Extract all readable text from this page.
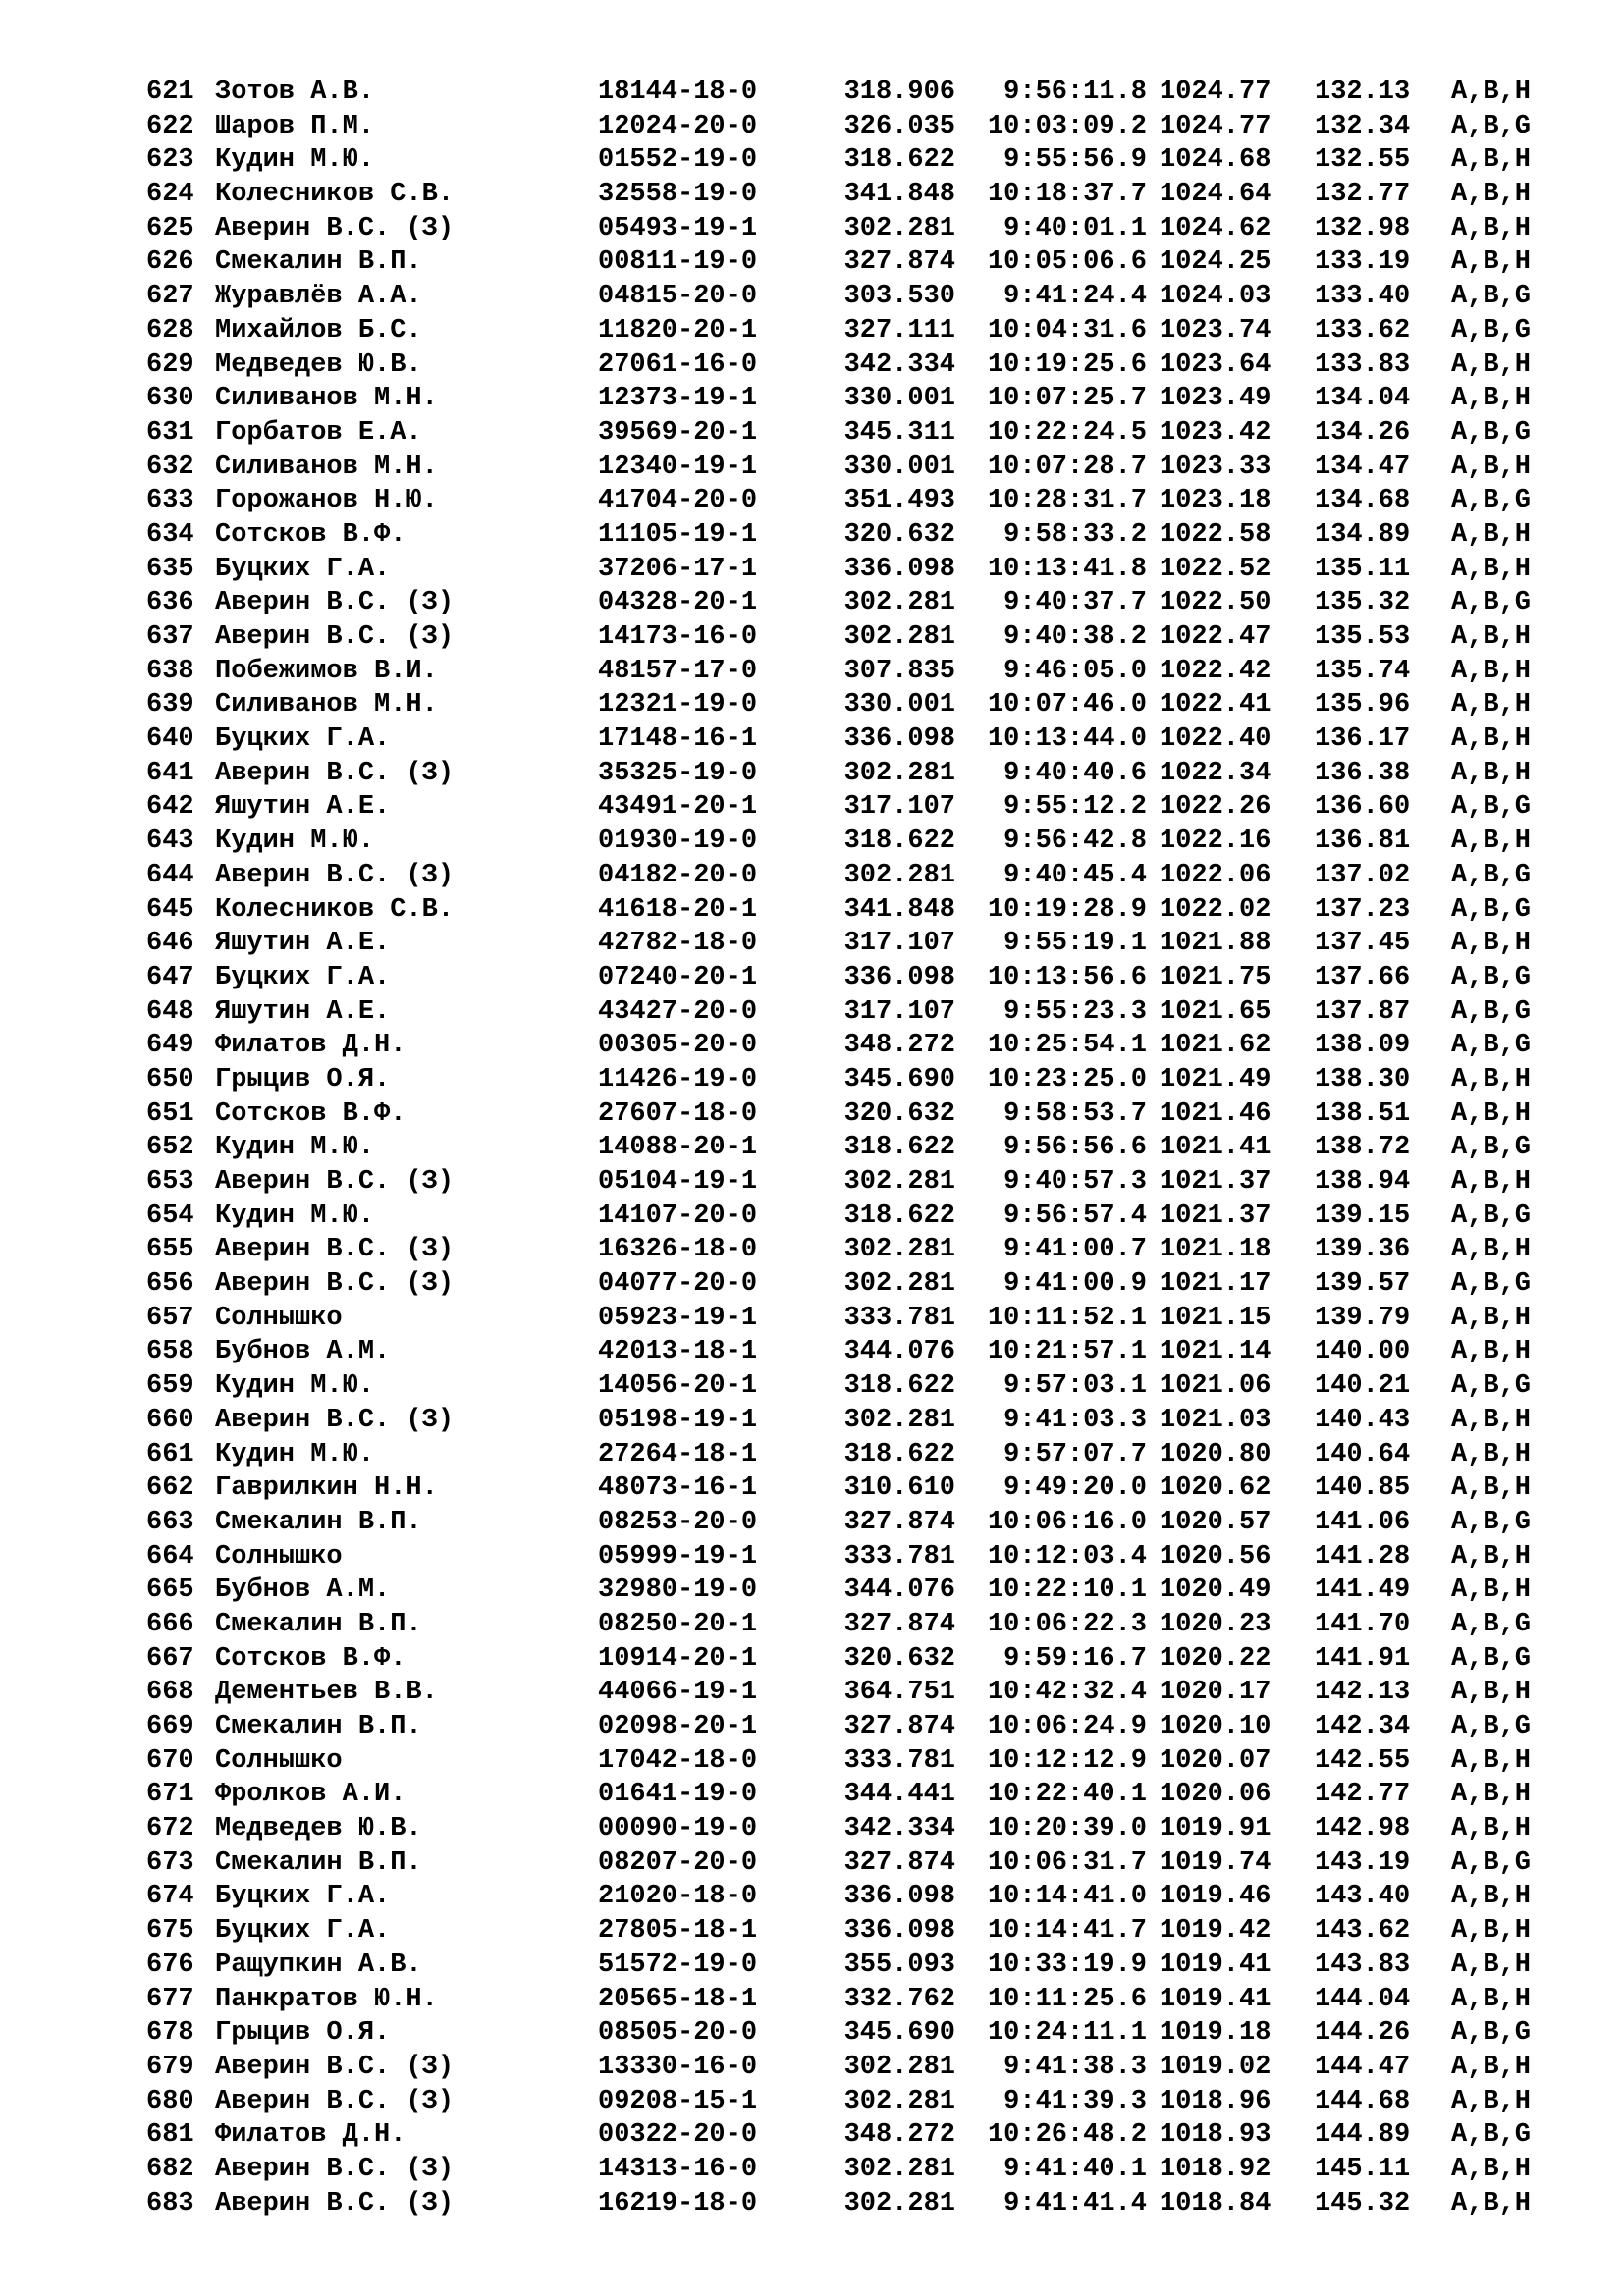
621 Зотов А.В.	18144-18-0	318.906	9:56:11.8 1024.77 132.13 A,B,H
622 Шаров П.М.	12024-20-0	326.035	10:03:09.2 1024.77 132.34 A,B,G
623 Кудин М.Ю.	01552-19-0	318.622	9:55:56.9 1024.68 132.55 A,B,H
624 Колесников С.В.	32558-19-0	341.848	10:18:37.7 1024.64 132.77 A,B,H
625 Аверин В.С. (З)	05493-19-1	302.281	9:40:01.1 1024.62 132.98 A,B,H
626 Смекалин В.П.	00811-19-0	327.874	10:05:06.6 1024.25 133.19 A,B,H
627 Журавлёв А.А.	04815-20-0	303.530	9:41:24.4 1024.03 133.40 A,B,G
628 Михайлов Б.С.	11820-20-1	327.111	10:04:31.6 1023.74 133.62 A,B,G
629 Медведев Ю.В.	27061-16-0	342.334	10:19:25.6 1023.64 133.83 A,B,H
630 Силиванов М.Н.	12373-19-1	330.001	10:07:25.7 1023.49 134.04 A,B,H
631 Горбатов Е.А.	39569-20-1	345.311	10:22:24.5 1023.42 134.26 A,B,G
632 Силиванов М.Н.	12340-19-1	330.001	10:07:28.7 1023.33 134.47 A,B,H
633 Горожанов Н.Ю.	41704-20-0	351.493	10:28:31.7 1023.18 134.68 A,B,G
634 Сотсков В.Ф.	11105-19-1	320.632	9:58:33.2 1022.58 134.89 A,B,H
635 Буцких Г.А.	37206-17-1	336.098	10:13:41.8 1022.52 135.11 A,B,H
636 Аверин В.С. (З)	04328-20-1	302.281	9:40:37.7 1022.50 135.32 A,B,G
637 Аверин В.С. (З)	14173-16-0	302.281	9:40:38.2 1022.47 135.53 A,B,H
638 Побежимов В.И.	48157-17-0	307.835	9:46:05.0 1022.42 135.74 A,B,H
639 Силиванов М.Н.	12321-19-0	330.001	10:07:46.0 1022.41 135.96 A,B,H
640 Буцких Г.А.	17148-16-1	336.098	10:13:44.0 1022.40 136.17 A,B,H
641 Аверин В.С. (З)	35325-19-0	302.281	9:40:40.6 1022.34 136.38 A,B,H
642 Яшутин А.Е.	43491-20-1	317.107	9:55:12.2 1022.26 136.60 A,B,G
643 Кудин М.Ю.	01930-19-0	318.622	9:56:42.8 1022.16 136.81 A,B,H
644 Аверин В.С. (З)	04182-20-0	302.281	9:40:45.4 1022.06 137.02 A,B,G
645 Колесников С.В.	41618-20-1	341.848	10:19:28.9 1022.02 137.23 A,B,G
646 Яшутин А.Е.	42782-18-0	317.107	9:55:19.1 1021.88 137.45 A,B,H
647 Буцких Г.А.	07240-20-1	336.098	10:13:56.6 1021.75 137.66 A,B,G
648 Яшутин А.Е.	43427-20-0	317.107	9:55:23.3 1021.65 137.87 A,B,G
649 Филатов Д.Н.	00305-20-0	348.272	10:25:54.1 1021.62 138.09 A,B,G
650 Грыцив О.Я.	11426-19-0	345.690	10:23:25.0 1021.49 138.30 A,B,H
651 Сотсков В.Ф.	27607-18-0	320.632	9:58:53.7 1021.46 138.51 A,B,H
652 Кудин М.Ю.	14088-20-1	318.622	9:56:56.6 1021.41 138.72 A,B,G
653 Аверин В.С. (З)	05104-19-1	302.281	9:40:57.3 1021.37 138.94 A,B,H
654 Кудин М.Ю.	14107-20-0	318.622	9:56:57.4 1021.37 139.15 A,B,G
655 Аверин В.С. (З)	16326-18-0	302.281	9:41:00.7 1021.18 139.36 A,B,H
656 Аверин В.С. (З)	04077-20-0	302.281	9:41:00.9 1021.17 139.57 A,B,G
657 Солнышко	05923-19-1	333.781	10:11:52.1 1021.15 139.79 A,B,H
658 Бубнов А.М.	42013-18-1	344.076	10:21:57.1 1021.14 140.00 A,B,H
659 Кудин М.Ю.	14056-20-1	318.622	9:57:03.1 1021.06 140.21 A,B,G
660 Аверин В.С. (З)	05198-19-1	302.281	9:41:03.3 1021.03 140.43 A,B,H
661 Кудин М.Ю.	27264-18-1	318.622	9:57:07.7 1020.80 140.64 A,B,H
662 Гаврилкин Н.Н.	48073-16-1	310.610	9:49:20.0 1020.62 140.85 A,B,H
663 Смекалин В.П.	08253-20-0	327.874	10:06:16.0 1020.57 141.06 A,B,G
664 Солнышко	05999-19-1	333.781	10:12:03.4 1020.56 141.28 A,B,H
665 Бубнов А.М.	32980-19-0	344.076	10:22:10.1 1020.49 141.49 A,B,H
666 Смекалин В.П.	08250-20-1	327.874	10:06:22.3 1020.23 141.70 A,B,G
667 Сотсков В.Ф.	10914-20-1	320.632	9:59:16.7 1020.22 141.91 A,B,G
668 Дементьев В.В.	44066-19-1	364.751	10:42:32.4 1020.17 142.13 A,B,H
669 Смекалин В.П.	02098-20-1	327.874	10:06:24.9 1020.10 142.34 A,B,G
670 Солнышко	17042-18-0	333.781	10:12:12.9 1020.07 142.55 A,B,H
671 Фролков А.И.	01641-19-0	344.441	10:22:40.1 1020.06 142.77 A,B,H
672 Медведев Ю.В.	00090-19-0	342.334	10:20:39.0 1019.91 142.98 A,B,H
673 Смекалин В.П.	08207-20-0	327.874	10:06:31.7 1019.74 143.19 A,B,G
674 Буцких Г.А.	21020-18-0	336.098	10:14:41.0 1019.46 143.40 A,B,H
675 Буцких Г.А.	27805-18-1	336.098	10:14:41.7 1019.42 143.62 A,B,H
676 Ращупкин А.В.	51572-19-0	355.093	10:33:19.9 1019.41 143.83 A,B,H
677 Панкратов Ю.Н.	20565-18-1	332.762	10:11:25.6 1019.41 144.04 A,B,H
678 Грыцив О.Я.	08505-20-0	345.690	10:24:11.1 1019.18 144.26 A,B,G
679 Аверин В.С. (З)	13330-16-0	302.281	9:41:38.3 1019.02 144.47 A,B,H
680 Аверин В.С. (З)	09208-15-1	302.281	9:41:39.3 1018.96 144.68 A,B,H
681 Филатов Д.Н.	00322-20-0	348.272	10:26:48.2 1018.93 144.89 A,B,G
682 Аверин В.С. (З)	14313-16-0	302.281	9:41:40.1 1018.92 145.11 A,B,H
683 Аверин В.С. (З)	16219-18-0	302.281	9:41:41.4 1018.84 145.32 A,B,H
